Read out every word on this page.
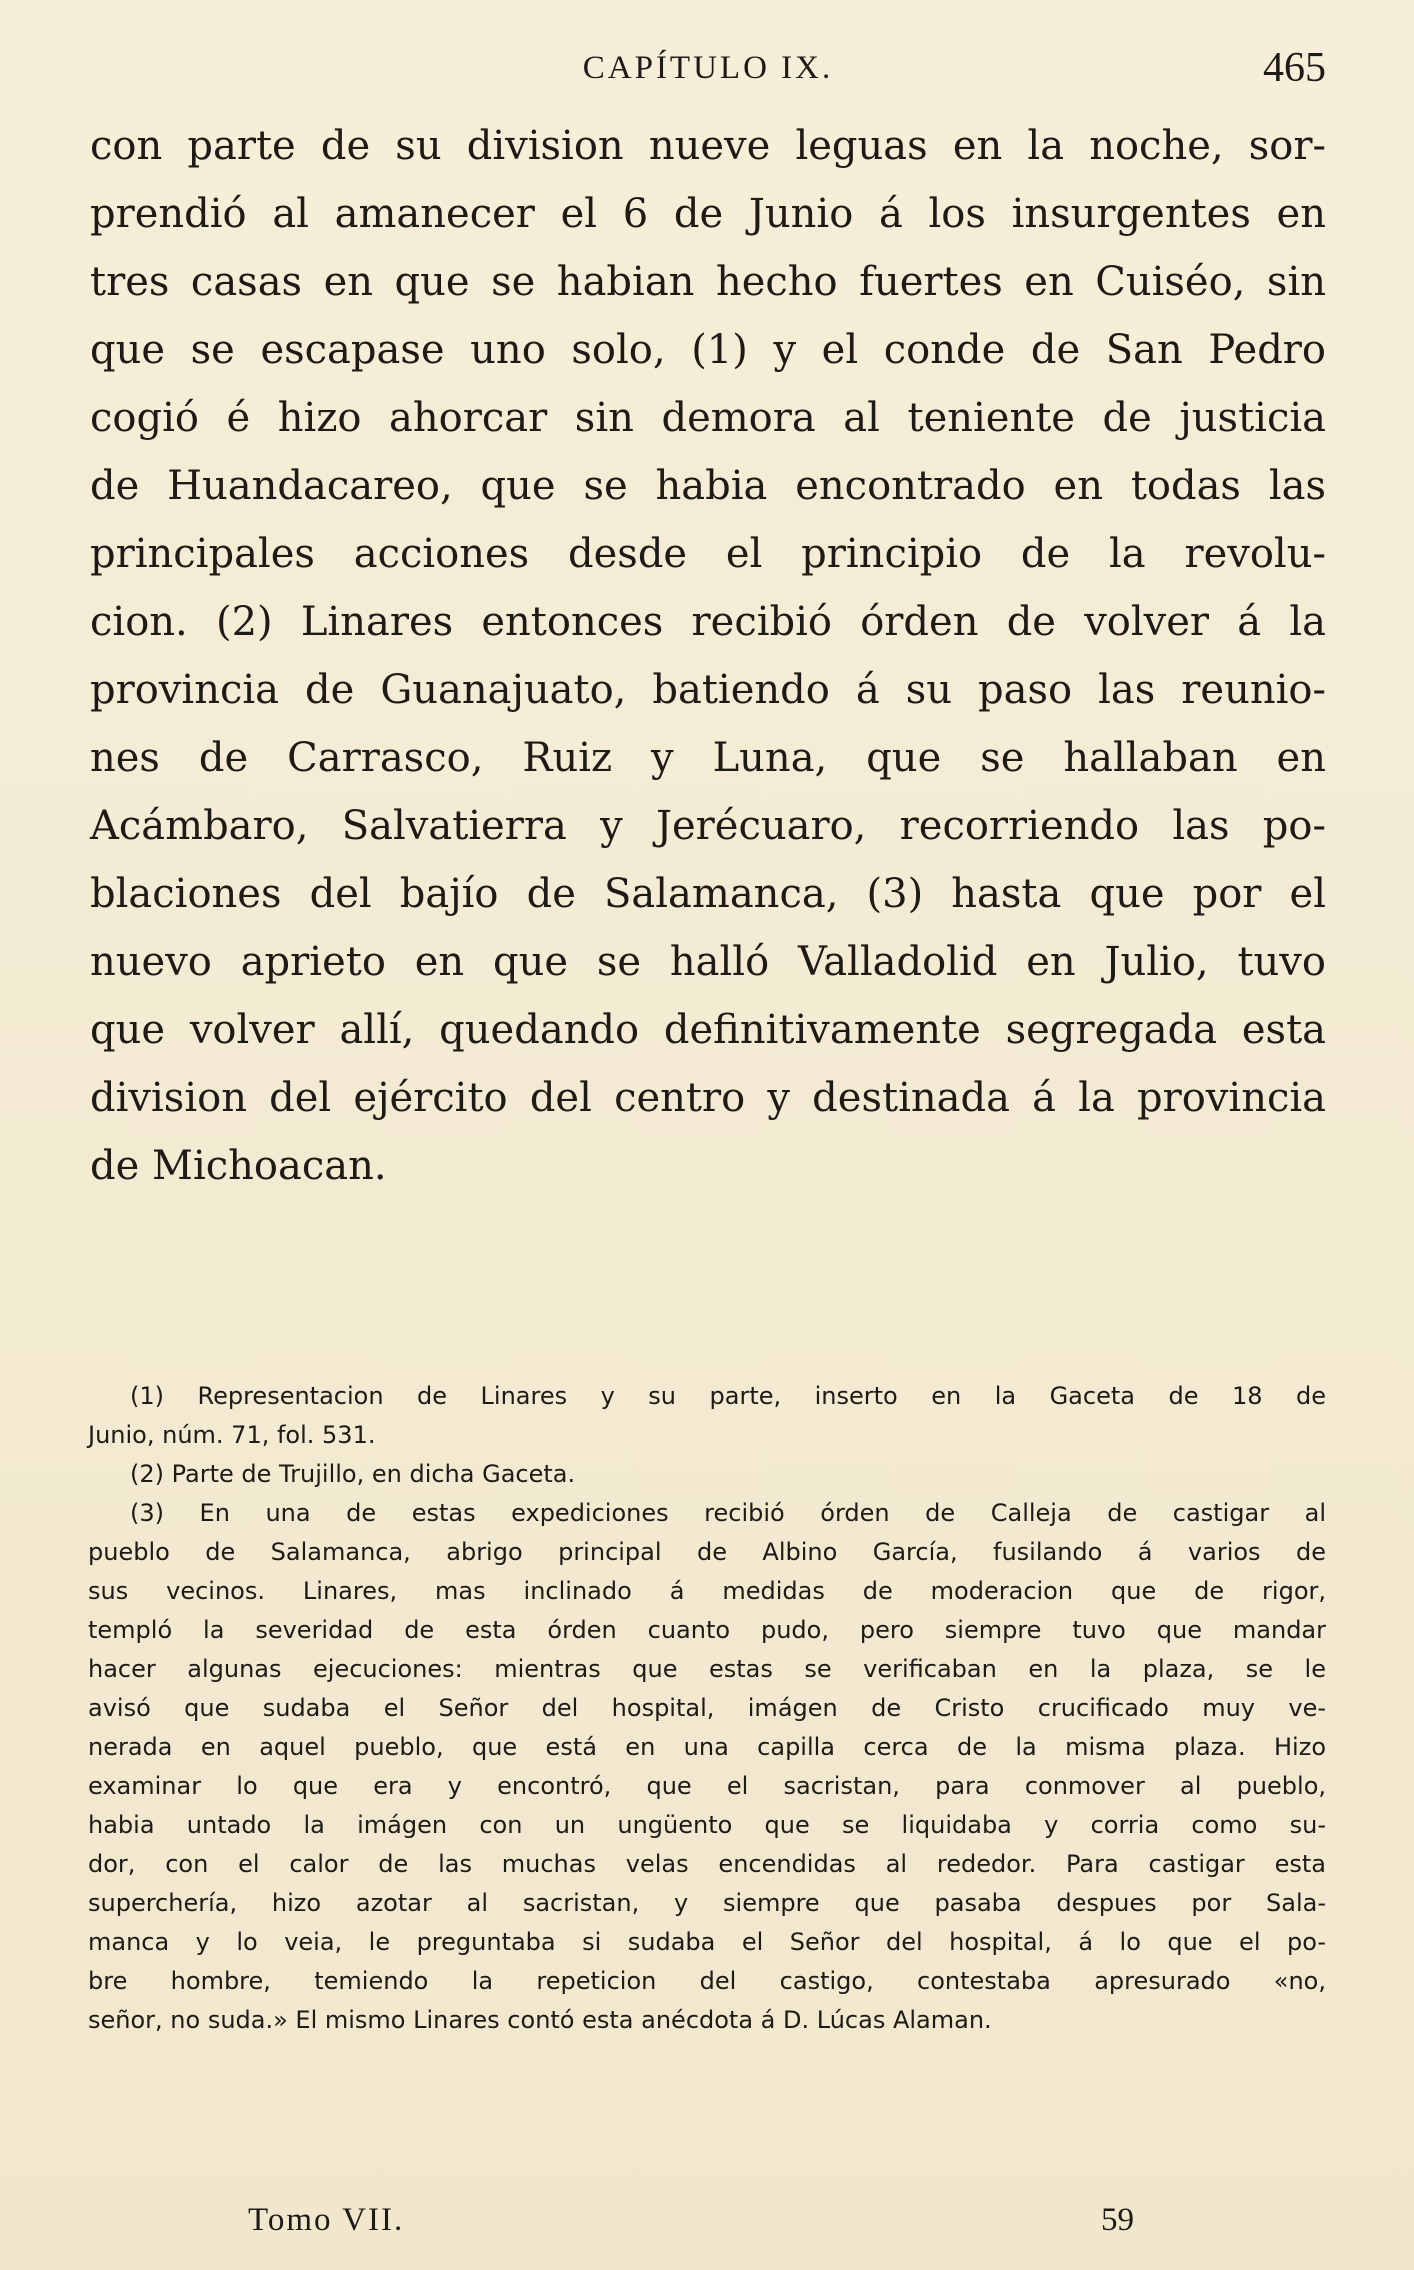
CAPÍTULO IX.	465
con parte de su division nueve leguas en la noche, sor-
prendió al amanecer el 6 de Junio á los insurgentes en
tres casas en que se habian hecho fuertes en Cuiséo, sin
que se escapase uno solo, (1) y el conde de San Pedro
cogió é hizo ahorcar sin demora al teniente de justicia
de Huandacareo, que se habia encontrado en todas las
principales acciones desde el principio de la revolu-
cion. (2) Linares entonces recibió órden de volver á la
provincia de Guanajuato, batiendo á su paso las reunio-
nes de Carrasco, Ruiz y Luna, que se hallaban en
Acámbaro, Salvatierra y Jerécuaro, recorriendo las po-
blaciones del bajío de Salamanca, (3) hasta que por el
nuevo aprieto en que se halló Valladolid en Julio, tuvo
que volver allí, quedando definitivamente segregada esta
division del ejército del centro y destinada á la provincia
de Michoacan.
(1) Representacion de Linares y su parte, inserto en la Gaceta de 18 de
Junio, núm. 71, fol. 531.
(2) Parte de Trujillo, en dicha Gaceta.
(3) En una de estas expediciones recibió órden de Calleja de castigar al
pueblo de Salamanca, abrigo principal de Albino García, fusilando á varios de
sus vecinos. Linares, mas inclinado á medidas de moderacion que de rigor,
templó la severidad de esta órden cuanto pudo, pero siempre tuvo que mandar
hacer algunas ejecuciones: mientras que estas se verificaban en la plaza, se le
avisó que sudaba el Señor del hospital, imágen de Cristo crucificado muy ve-
nerada en aquel pueblo, que está en una capilla cerca de la misma plaza. Hizo
examinar lo que era y encontró, que el sacristan, para conmover al pueblo,
habia untado la imágen con un ungüento que se liquidaba y corria como su-
dor, con el calor de las muchas velas encendidas al rededor. Para castigar esta
superchería, hizo azotar al sacristan, y siempre que pasaba despues por Sala-
manca y lo veia, le preguntaba si sudaba el Señor del hospital, á lo que el po-
bre hombre, temiendo la repeticion del castigo, contestaba apresurado «no,
señor, no suda.» El mismo Linares contó esta anécdota á D. Lúcas Alaman.
Tomo VII.	59
